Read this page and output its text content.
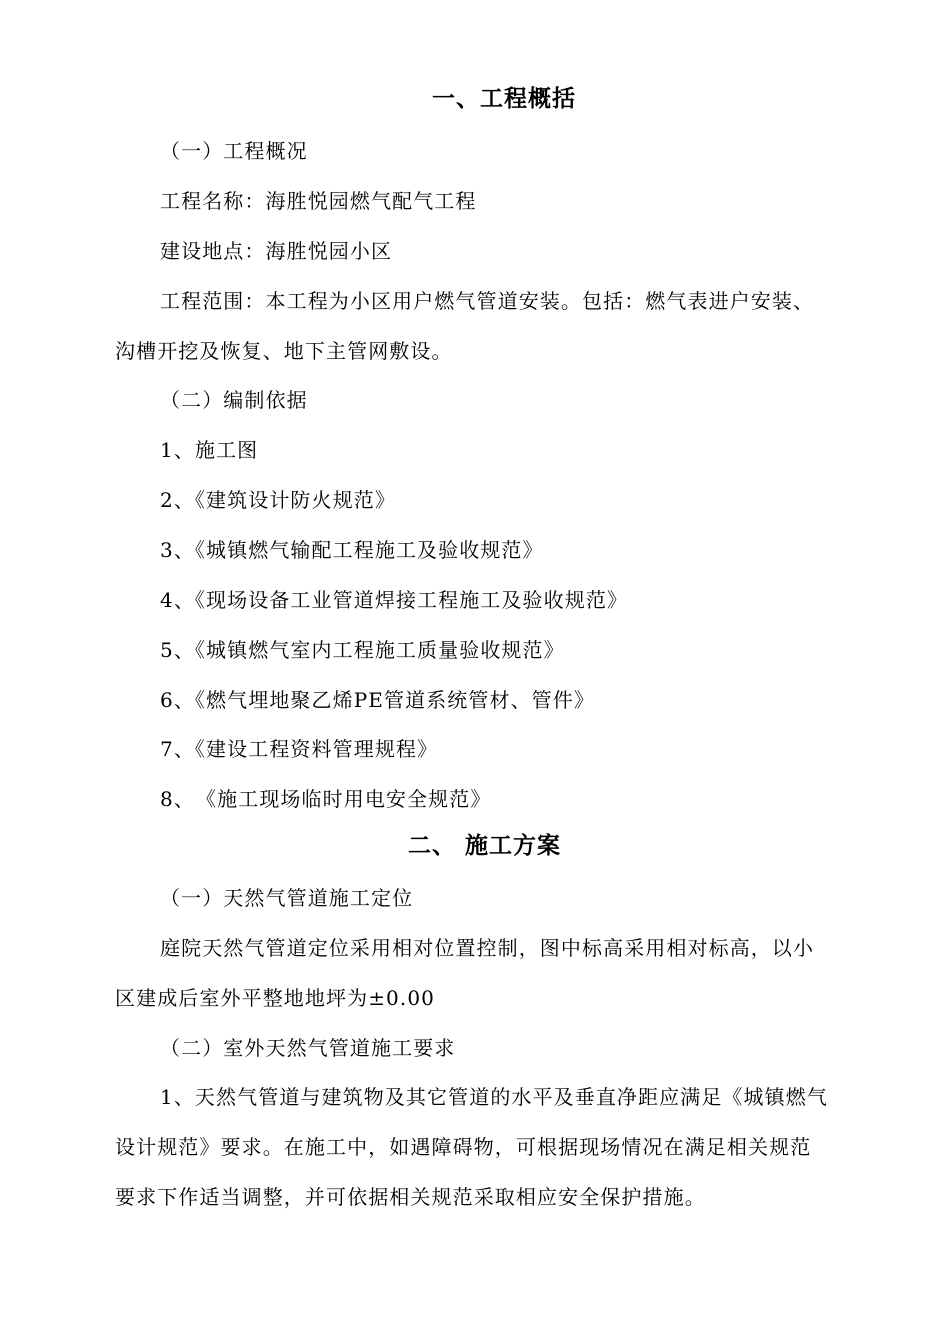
一、工程概括
（一）工程概况
工程名称：海胜悦园燃气配气工程
建设地点：海胜悦园小区
工程范围：本工程为小区用户燃气管道安装。包括：燃气表进户安装、
沟槽开挖及恢复、地下主管网敷设。
（二）编制依据
1、施工图
2、《建筑设计防火规范》
3、《城镇燃气输配工程施工及验收规范》
4、《现场设备工业管道焊接工程施工及验收规范》
5、《城镇燃气室内工程施工质量验收规范》
6、《燃气埋地聚乙烯PE管道系统管材、管件》
7、《建设工程资料管理规程》
8、　《施工现场临时用电安全规范》
二、 施工方案
（一）天然气管道施工定位
庭院天然气管道定位采用相对位置控制，图中标高采用相对标高，以小
区建成后室外平整地地坪为±0.00
（二）室外天然气管道施工要求
1、天然气管道与建筑物及其它管道的水平及垂直净距应满足《城镇燃气
设计规范》要求。在施工中，如遇障碍物，可根据现场情况在满足相关规范
要求下作适当调整，并可依据相关规范采取相应安全保护措施。
